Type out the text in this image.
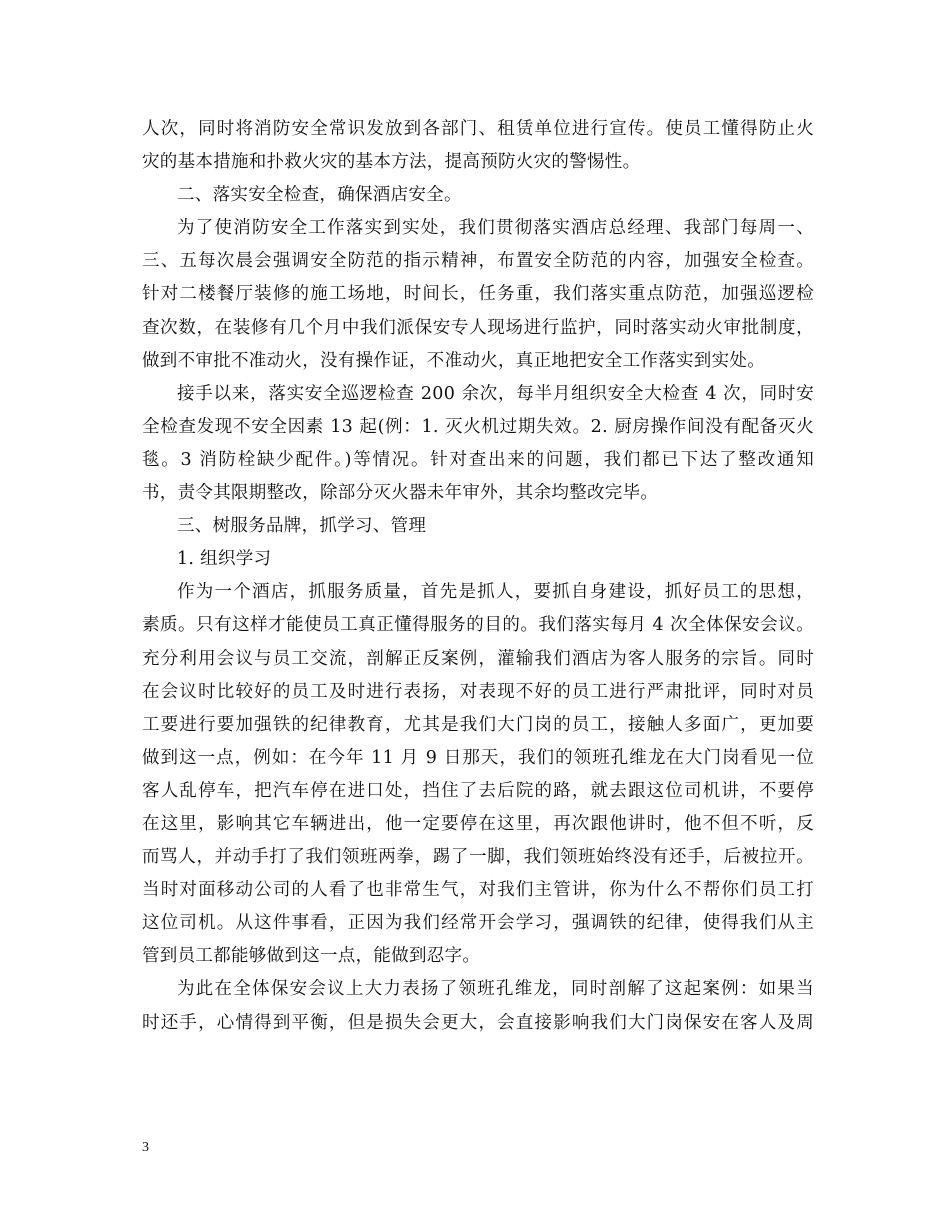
人次，同时将消防安全常识发放到各部门、租赁单位进行宣传。使员工懂得防止火
灾的基本措施和扑救火灾的基本方法，提高预防火灾的警惕性。
二、落实安全检查，确保酒店安全。
为了使消防安全工作落实到实处，我们贯彻落实酒店总经理、我部门每周一、
三、五每次晨会强调安全防范的指示精神，布置安全防范的内容，加强安全检查。
针对二楼餐厅装修的施工场地，时间长，任务重，我们落实重点防范，加强巡逻检
查次数，在装修有几个月中我们派保安专人现场进行监护，同时落实动火审批制度，
做到不审批不准动火，没有操作证，不准动火，真正地把安全工作落实到实处。
接手以来，落实安全巡逻检查 200 余次，每半月组织安全大检查 4 次，同时安
全检查发现不安全因素 13 起(例：1. 灭火机过期失效。2. 厨房操作间没有配备灭火
毯。3 消防栓缺少配件。)等情况。针对查出来的问题，我们都已下达了整改通知
书，责令其限期整改，除部分灭火器未年审外，其余均整改完毕。
三、树服务品牌，抓学习、管理
1. 组织学习
作为一个酒店，抓服务质量，首先是抓人，要抓自身建设，抓好员工的思想，
素质。只有这样才能使员工真正懂得服务的目的。我们落实每月 4 次全体保安会议。
充分利用会议与员工交流，剖解正反案例，灌输我们酒店为客人服务的宗旨。同时
在会议时比较好的员工及时进行表扬，对表现不好的员工进行严肃批评，同时对员
工要进行要加强铁的纪律教育，尤其是我们大门岗的员工，接触人多面广，更加要
做到这一点，例如：在今年 11 月 9 日那天，我们的领班孔维龙在大门岗看见一位
客人乱停车，把汽车停在进口处，挡住了去后院的路，就去跟这位司机讲，不要停
在这里，影响其它车辆进出，他一定要停在这里，再次跟他讲时，他不但不听，反
而骂人，并动手打了我们领班两拳，踢了一脚，我们领班始终没有还手，后被拉开。
当时对面移动公司的人看了也非常生气，对我们主管讲，你为什么不帮你们员工打
这位司机。从这件事看，正因为我们经常开会学习，强调铁的纪律，使得我们从主
管到员工都能够做到这一点，能做到忍字。
为此在全体保安会议上大力表扬了领班孔维龙，同时剖解了这起案例：如果当
时还手，心情得到平衡，但是损失会更大，会直接影响我们大门岗保安在客人及周
3
